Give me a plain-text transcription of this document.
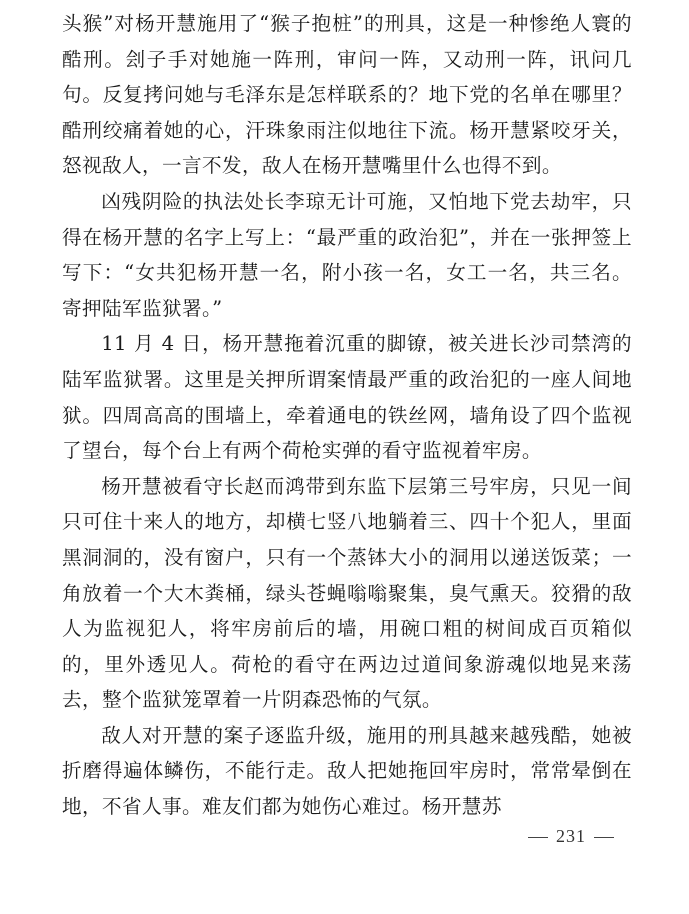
头猴”对杨开慧施用了“猴子抱桩”的刑具，这是一种惨绝人寰的酷刑。刽子手对她施一阵刑，审问一阵，又动刑一阵，讯问几句。反复拷问她与毛泽东是怎样联系的？地下党的名单在哪里？酷刑绞痛着她的心，汗珠象雨注似地往下流。杨开慧紧咬牙关，怒视敌人，一言不发，敌人在杨开慧嘴里什么也得不到。

凶残阴险的执法处长李琼无计可施，又怕地下党去劫牢，只得在杨开慧的名字上写上：“最严重的政治犯”，并在一张押签上写下：“女共犯杨开慧一名，附小孩一名，女工一名，共三名。寄押陆军监狱署。”

11 月 4 日，杨开慧拖着沉重的脚镣，被关进长沙司禁湾的陆军监狱署。这里是关押所谓案情最严重的政治犯的一座人间地狱。四周高高的围墙上，牵着通电的铁丝网，墙角设了四个监视了望台，每个台上有两个荷枪实弹的看守监视着牢房。

杨开慧被看守长赵而鸿带到东监下层第三号牢房，只见一间只可住十来人的地方，却横七竖八地躺着三、四十个犯人，里面黑洞洞的，没有窗户，只有一个蒸钵大小的洞用以递送饭菜；一角放着一个大木粪桶，绿头苍蝇嗡嗡聚集，臭气熏天。狡猾的敌人为监视犯人，将牢房前后的墙，用碗口粗的树间成百页箱似的，里外透见人。荷枪的看守在两边过道间象游魂似地晃来荡去，整个监狱笼罩着一片阴森恐怖的气氛。

敌人对开慧的案子逐监升级，施用的刑具越来越残酷，她被折磨得遍体鳞伤，不能行走。敌人把她拖回牢房时，常常晕倒在地，不省人事。难友们都为她伤心难过。杨开慧苏

231
